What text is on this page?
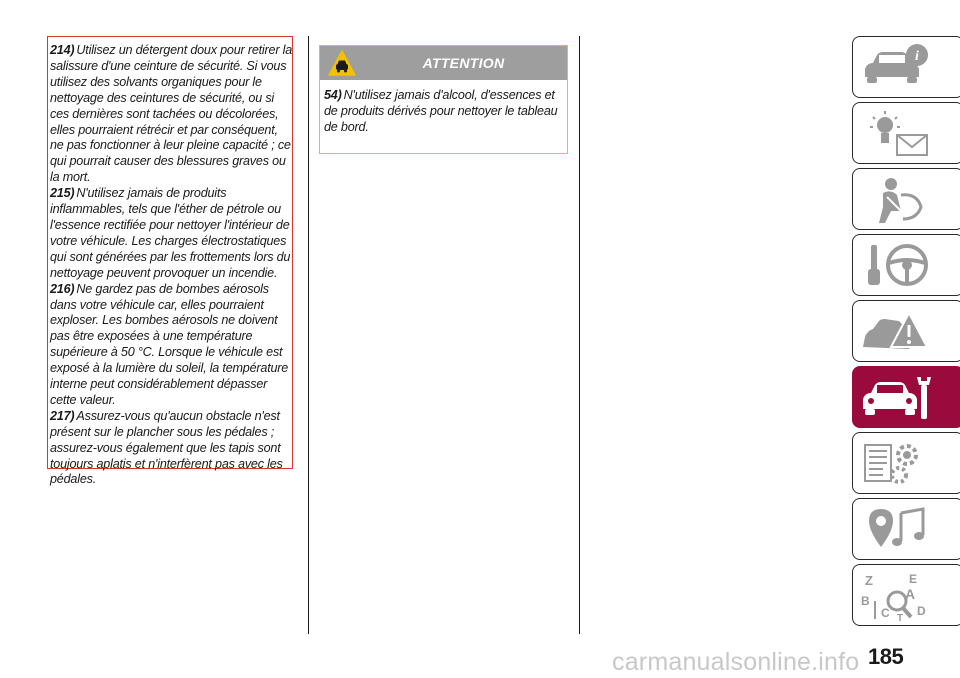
214) Utilisez un détergent doux pour retirer la salissure d'une ceinture de sécurité. Si vous utilisez des solvants organiques pour le nettoyage des ceintures de sécurité, ou si ces dernières sont tachées ou décolorées, elles pourraient rétrécir et par conséquent, ne pas fonctionner à leur pleine capacité ; ce qui pourrait causer des blessures graves ou la mort.

215) N'utilisez jamais de produits inflammables, tels que l'éther de pétrole ou l'essence rectifiée pour nettoyer l'intérieur de votre véhicule. Les charges électrostatiques qui sont générées par les frottements lors du nettoyage peuvent provoquer un incendie.

216) Ne gardez pas de bombes aérosols dans votre véhicule car, elles pourraient exploser. Les bombes aérosols ne doivent pas être exposées à une température supérieure à 50 °C. Lorsque le véhicule est exposé à la lumière du soleil, la température interne peut considérablement dépasser cette valeur.

217) Assurez-vous qu'aucun obstacle n'est présent sur le plancher sous les pédales ; assurez-vous également que les tapis sont toujours aplatis et n'interfèrent pas avec les pédales.

ATTENTION
54) N'utilisez jamais d'alcool, d'essences et de produits dérivés pour nettoyer le tableau de bord.
i
Z	E
A
B
C D
T
185
carmanualsonline.info
